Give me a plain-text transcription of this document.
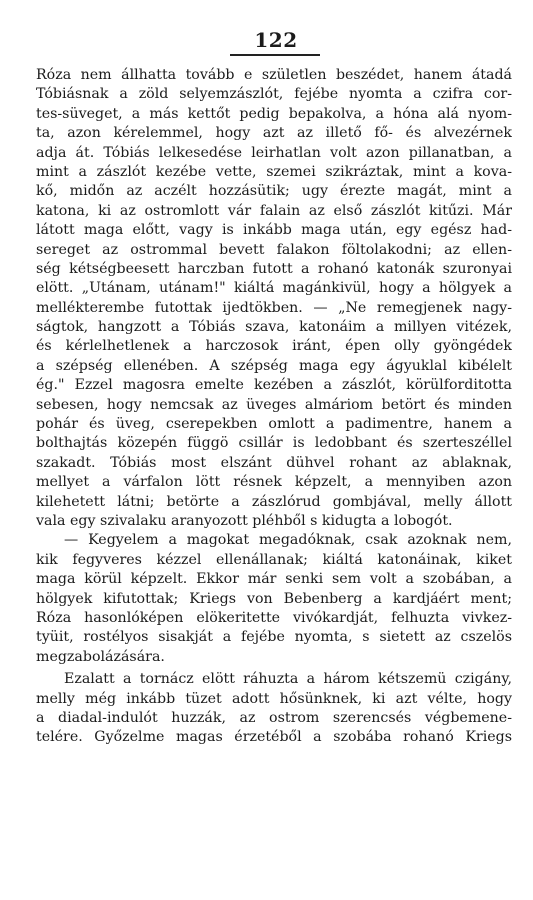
122
Róza nem állhatta tovább e születlen beszédet, hanem átadá
Tóbiásnak a zöld selyemzászlót, fejébe nyomta a czifra cor-
tes-süveget, a más kettőt pedig bepakolva, a hóna alá nyom-
ta, azon kérelemmel, hogy azt az illető fő- és alvezérnek
adja át. Tóbiás lelkesedése leirhatlan volt azon pillanatban, a
mint a zászlót kezébe vette, szemei szikráztak, mint a kova-
kő, midőn az aczélt hozzásütik; ugy érezte magát, mint a
katona, ki az ostromlott vár falain az első zászlót kitűzi. Már
látott maga előtt, vagy is inkább maga után, egy egész had-
sereget az ostrommal bevett falakon föltolakodni; az ellen-
ség kétségbeesett harczban futott a rohanó katonák szuronyai
elött. „Utánam, utánam!" kiáltá magánkivül, hogy a hölgyek a
mellékterembe futottak ijedtökben. — „Ne remegjenek nagy-
ságtok, hangzott a Tóbiás szava, katonáim a millyen vitézek,
és kérlelhetlenek a harczosok iránt, épen olly gyöngédek
a szépség ellenében. A szépség maga egy ágyuklal kibélelt
ég." Ezzel magosra emelte kezében a zászlót, körülforditotta
sebesen, hogy nemcsak az üveges almáriom betört és minden
pohár és üveg, cserepekben omlott a padimentre, hanem a
bolthajtás közepén függö csillár is ledobbant és szerteszéllel
szakadt. Tóbiás most elszánt dühvel rohant az ablaknak,
mellyet a várfalon lött résnek képzelt, a mennyiben azon
kilehetett látni; betörte a zászlórud gombjával, melly állott
vala egy szivalaku aranyozott pléhből s kidugta a lobogót.
— Kegyelem a magokat megadóknak, csak azoknak nem,
kik fegyveres kézzel ellenállanak; kiáltá katonáinak, kiket
maga körül képzelt. Ekkor már senki sem volt a szobában, a
hölgyek kifutottak; Kriegs von Bebenberg a kardjáért ment;
Róza hasonlóképen elökeritette vivókardját, felhuzta vivkez-
tyüit, rostélyos sisakját a fejébe nyomta, s sietett az cszelös
megzabolázására.
Ezalatt a tornácz elött ráhuzta a három kétszemü czigány,
melly még inkább tüzet adott hősünknek, ki azt vélte, hogy
a diadal-indulót huzzák, az ostrom szerencsés végbemene-
telére. Győzelme magas érzetéből a szobába rohanó Kriegs
